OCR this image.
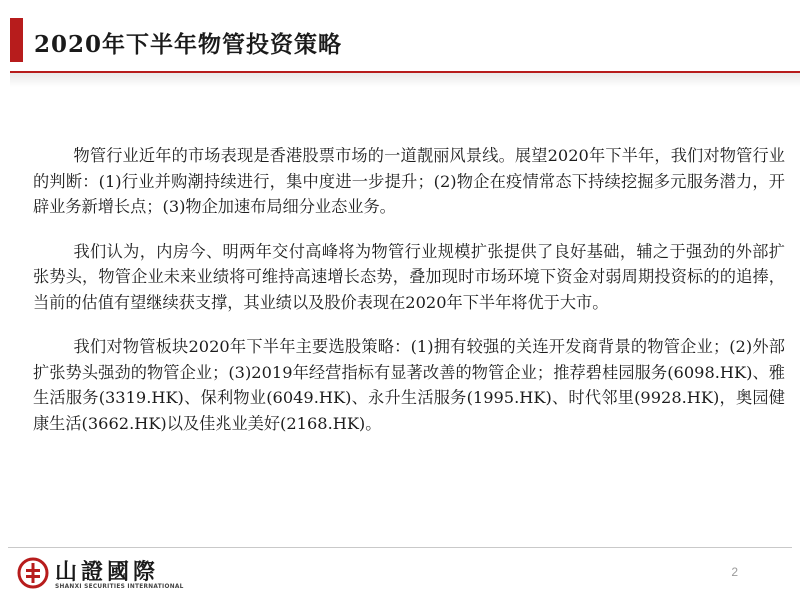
2020年下半年物管投资策略

物管行业近年的市场表现是香港股票市场的一道靓丽风景线。展望2020年下半年，我们对物管行业的判断：(1)行业并购潮持续进行，集中度进一步提升；(2)物企在疫情常态下持续挖掘多元服务潜力，开辟业务新增长点；(3)物企加速布局细分业态业务。

我们认为，内房今、明两年交付高峰将为物管行业规模扩张提供了良好基础，辅之于强劲的外部扩张势头，物管企业未来业绩将可维持高速增长态势，叠加现时市场环境下资金对弱周期投资标的的追捧，当前的估值有望继续获支撑，其业绩以及股价表现在2020年下半年将优于大市。

我们对物管板块2020年下半年主要选股策略：(1)拥有较强的关连开发商背景的物管企业；(2)外部扩张势头强劲的物管企业；(3)2019年经营指标有显著改善的物管企业；推荐碧桂园服务(6098.HK)、雅生活服务(3319.HK)、保利物业(6049.HK)、永升生活服务(1995.HK)、时代邻里(9928.HK)，奥园健康生活(3662.HK)以及佳兆业美好(2168.HK)。

山證國際
SHANXI SECURITIES INTERNATIONAL
2
